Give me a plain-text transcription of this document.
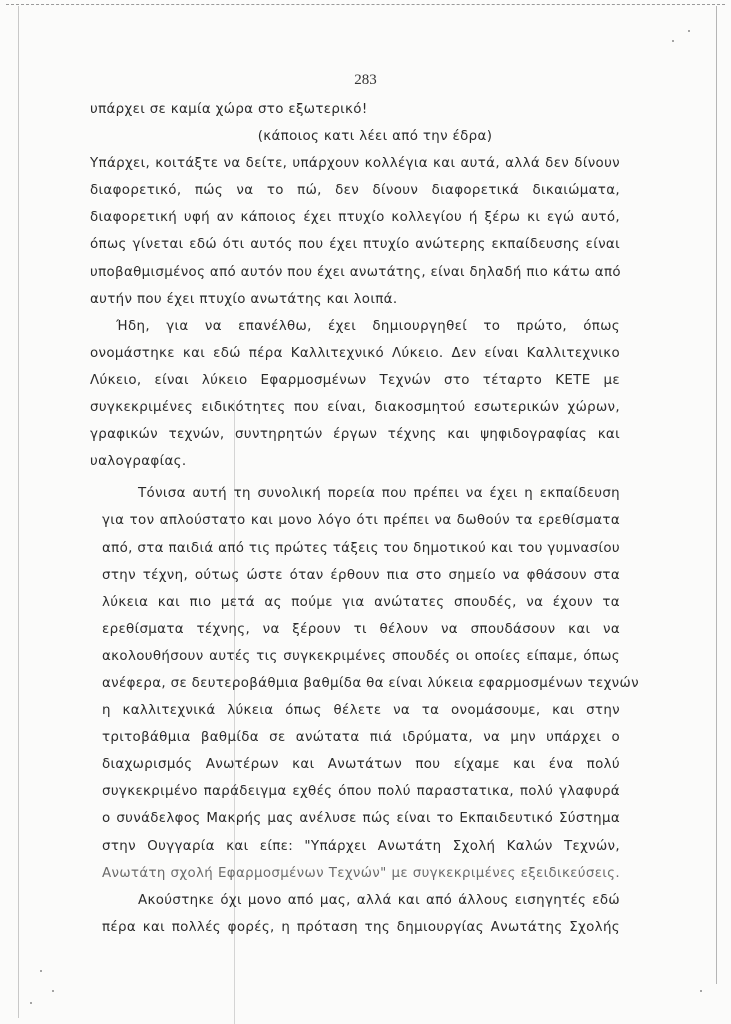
283
υπάρχει σε καμία χώρα στο εξωτερικό!
(κάποιος κατι λέει από την έδρα)
Υπάρχει, κοιτάξτε να δείτε, υπάρχουν κολλέγια και αυτά, αλλά δεν δίνουν
διαφορετικό, πώς να το πώ, δεν δίνουν διαφορετικά δικαιώματα,
διαφορετική υφή αν κάποιος έχει πτυχίο κολλεγίου ή ξέρω κι εγώ αυτό,
όπως γίνεται εδώ ότι αυτός που έχει πτυχίο ανώτερης εκπαίδευσης είναι
υποβαθμισμένος από αυτόν που έχει ανωτάτης, είναι δηλαδή πιο κάτω από
αυτήν που έχει πτυχίο ανωτάτης και λοιπά.
Ήδη, για να επανέλθω, έχει δημιουργηθεί το πρώτο, όπως
ονομάστηκε και εδώ πέρα Καλλιτεχνικό Λύκειο. Δεν είναι Καλλιτεχνικο
Λύκειο, είναι λύκειο Εφαρμοσμένων Τεχνών στο τέταρτο ΚΕΤΕ με
συγκεκριμένες ειδικότητες που είναι, διακοσμητού εσωτερικών χώρων,
γραφικών τεχνών, συντηρητών έργων τέχνης και ψηφιδογραφίας και
υαλογραφίας.
Τόνισα αυτή τη συνολική πορεία που πρέπει να έχει η εκπαίδευση
για τον απλούστατο και μονο λόγο ότι πρέπει να δωθούν τα ερεθίσματα
από, στα παιδιά από τις πρώτες τάξεις του δημοτικού και του γυμνασίου
στην τέχνη, ούτως ώστε όταν έρθουν πια στο σημείο να φθάσουν στα
λύκεια και πιο μετά ας πούμε για ανώτατες σπουδές, να έχουν τα
ερεθίσματα τέχνης, να ξέρουν τι θέλουν να σπουδάσουν και να
ακολουθήσουν αυτές τις συγκεκριμένες σπουδές οι οποίες είπαμε, όπως
ανέφερα, σε δευτεροβάθμια βαθμίδα θα είναι λύκεια εφαρμοσμένων τεχνών
η καλλιτεχνικά λύκεια όπως θέλετε να τα ονομάσουμε, και στην
τριτοβάθμια βαθμίδα σε ανώτατα πιά ιδρύματα, να μην υπάρχει ο
διαχωρισμός Ανωτέρων και Ανωτάτων που είχαμε και ένα πολύ
συγκεκριμένο παράδειγμα εχθές όπου πολύ παραστατικα, πολύ γλαφυρά
ο συνάδελφος Μακρής μας ανέλυσε πώς είναι το Εκπαιδευτικό Σύστημα
στην Ουγγαρία και είπε: "Υπάρχει Ανωτάτη Σχολή Καλών Τεχνών,
Ανωτάτη σχολή Εφαρμοσμένων Τεχνών" με συγκεκριμένες εξειδικεύσεις.
Ακούστηκε όχι μονο από μας, αλλά και από άλλους εισηγητές εδώ
πέρα και πολλές φορές, η πρόταση της δημιουργίας Ανωτάτης Σχολής
